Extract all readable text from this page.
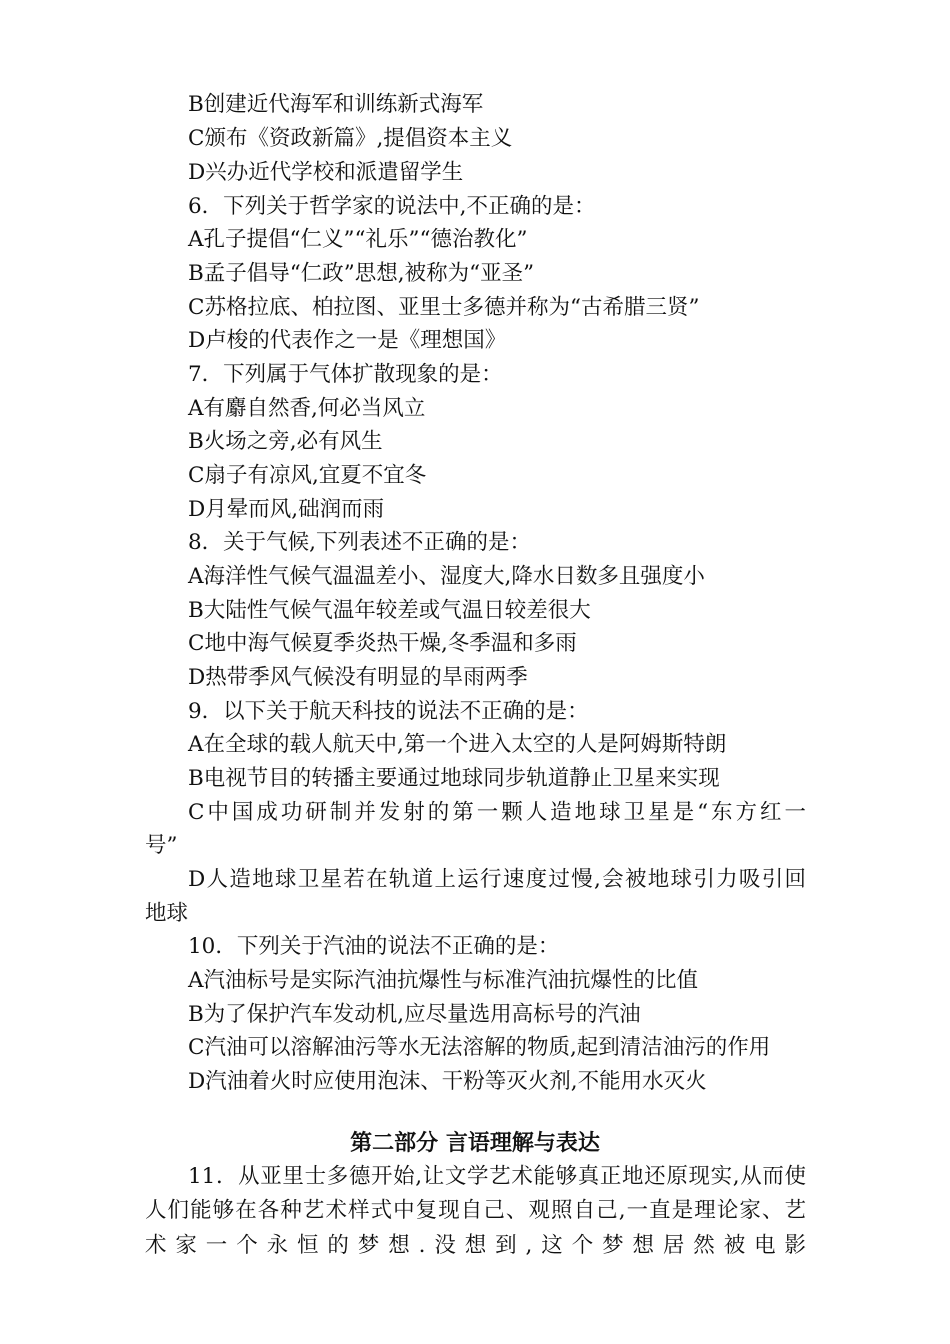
B创建近代海军和训练新式海军
C颁布《资政新篇》,提倡资本主义
D兴办近代学校和派遣留学生
6．下列关于哲学家的说法中,不正确的是：
A孔子提倡“仁义”“礼乐”“德治教化”
B孟子倡导“仁政”思想,被称为“亚圣”
C苏格拉底、柏拉图、亚里士多德并称为“古希腊三贤”
D卢梭的代表作之一是《理想国》
7．下列属于气体扩散现象的是：
A有麝自然香,何必当风立
B火场之旁,必有风生
C扇子有凉风,宜夏不宜冬
D月晕而风,础润而雨
8．关于气候,下列表述不正确的是：
A海洋性气候气温温差小、湿度大,降水日数多且强度小
B大陆性气候气温年较差或气温日较差很大
C地中海气候夏季炎热干燥,冬季温和多雨
D热带季风气候没有明显的旱雨两季
9．以下关于航天科技的说法不正确的是：
A在全球的载人航天中,第一个进入太空的人是阿姆斯特朗
B电视节目的转播主要通过地球同步轨道静止卫星来实现
C中国成功研制并发射的第一颗人造地球卫星是“东方红一
号”
D人造地球卫星若在轨道上运行速度过慢,会被地球引力吸引回
地球
10．下列关于汽油的说法不正确的是：
A汽油标号是实际汽油抗爆性与标准汽油抗爆性的比值
B为了保护汽车发动机,应尽量选用高标号的汽油
C汽油可以溶解油污等水无法溶解的物质,起到清洁油污的作用
D汽油着火时应使用泡沫、干粉等灭火剂,不能用水灭火
第二部分 言语理解与表达
11．从亚里士多德开始,让文学艺术能够真正地还原现实,从而使
人们能够在各种艺术样式中复现自己、观照自己,一直是理论家、艺
术家一个永恒的梦想.没想到,这个梦想居然被电影
